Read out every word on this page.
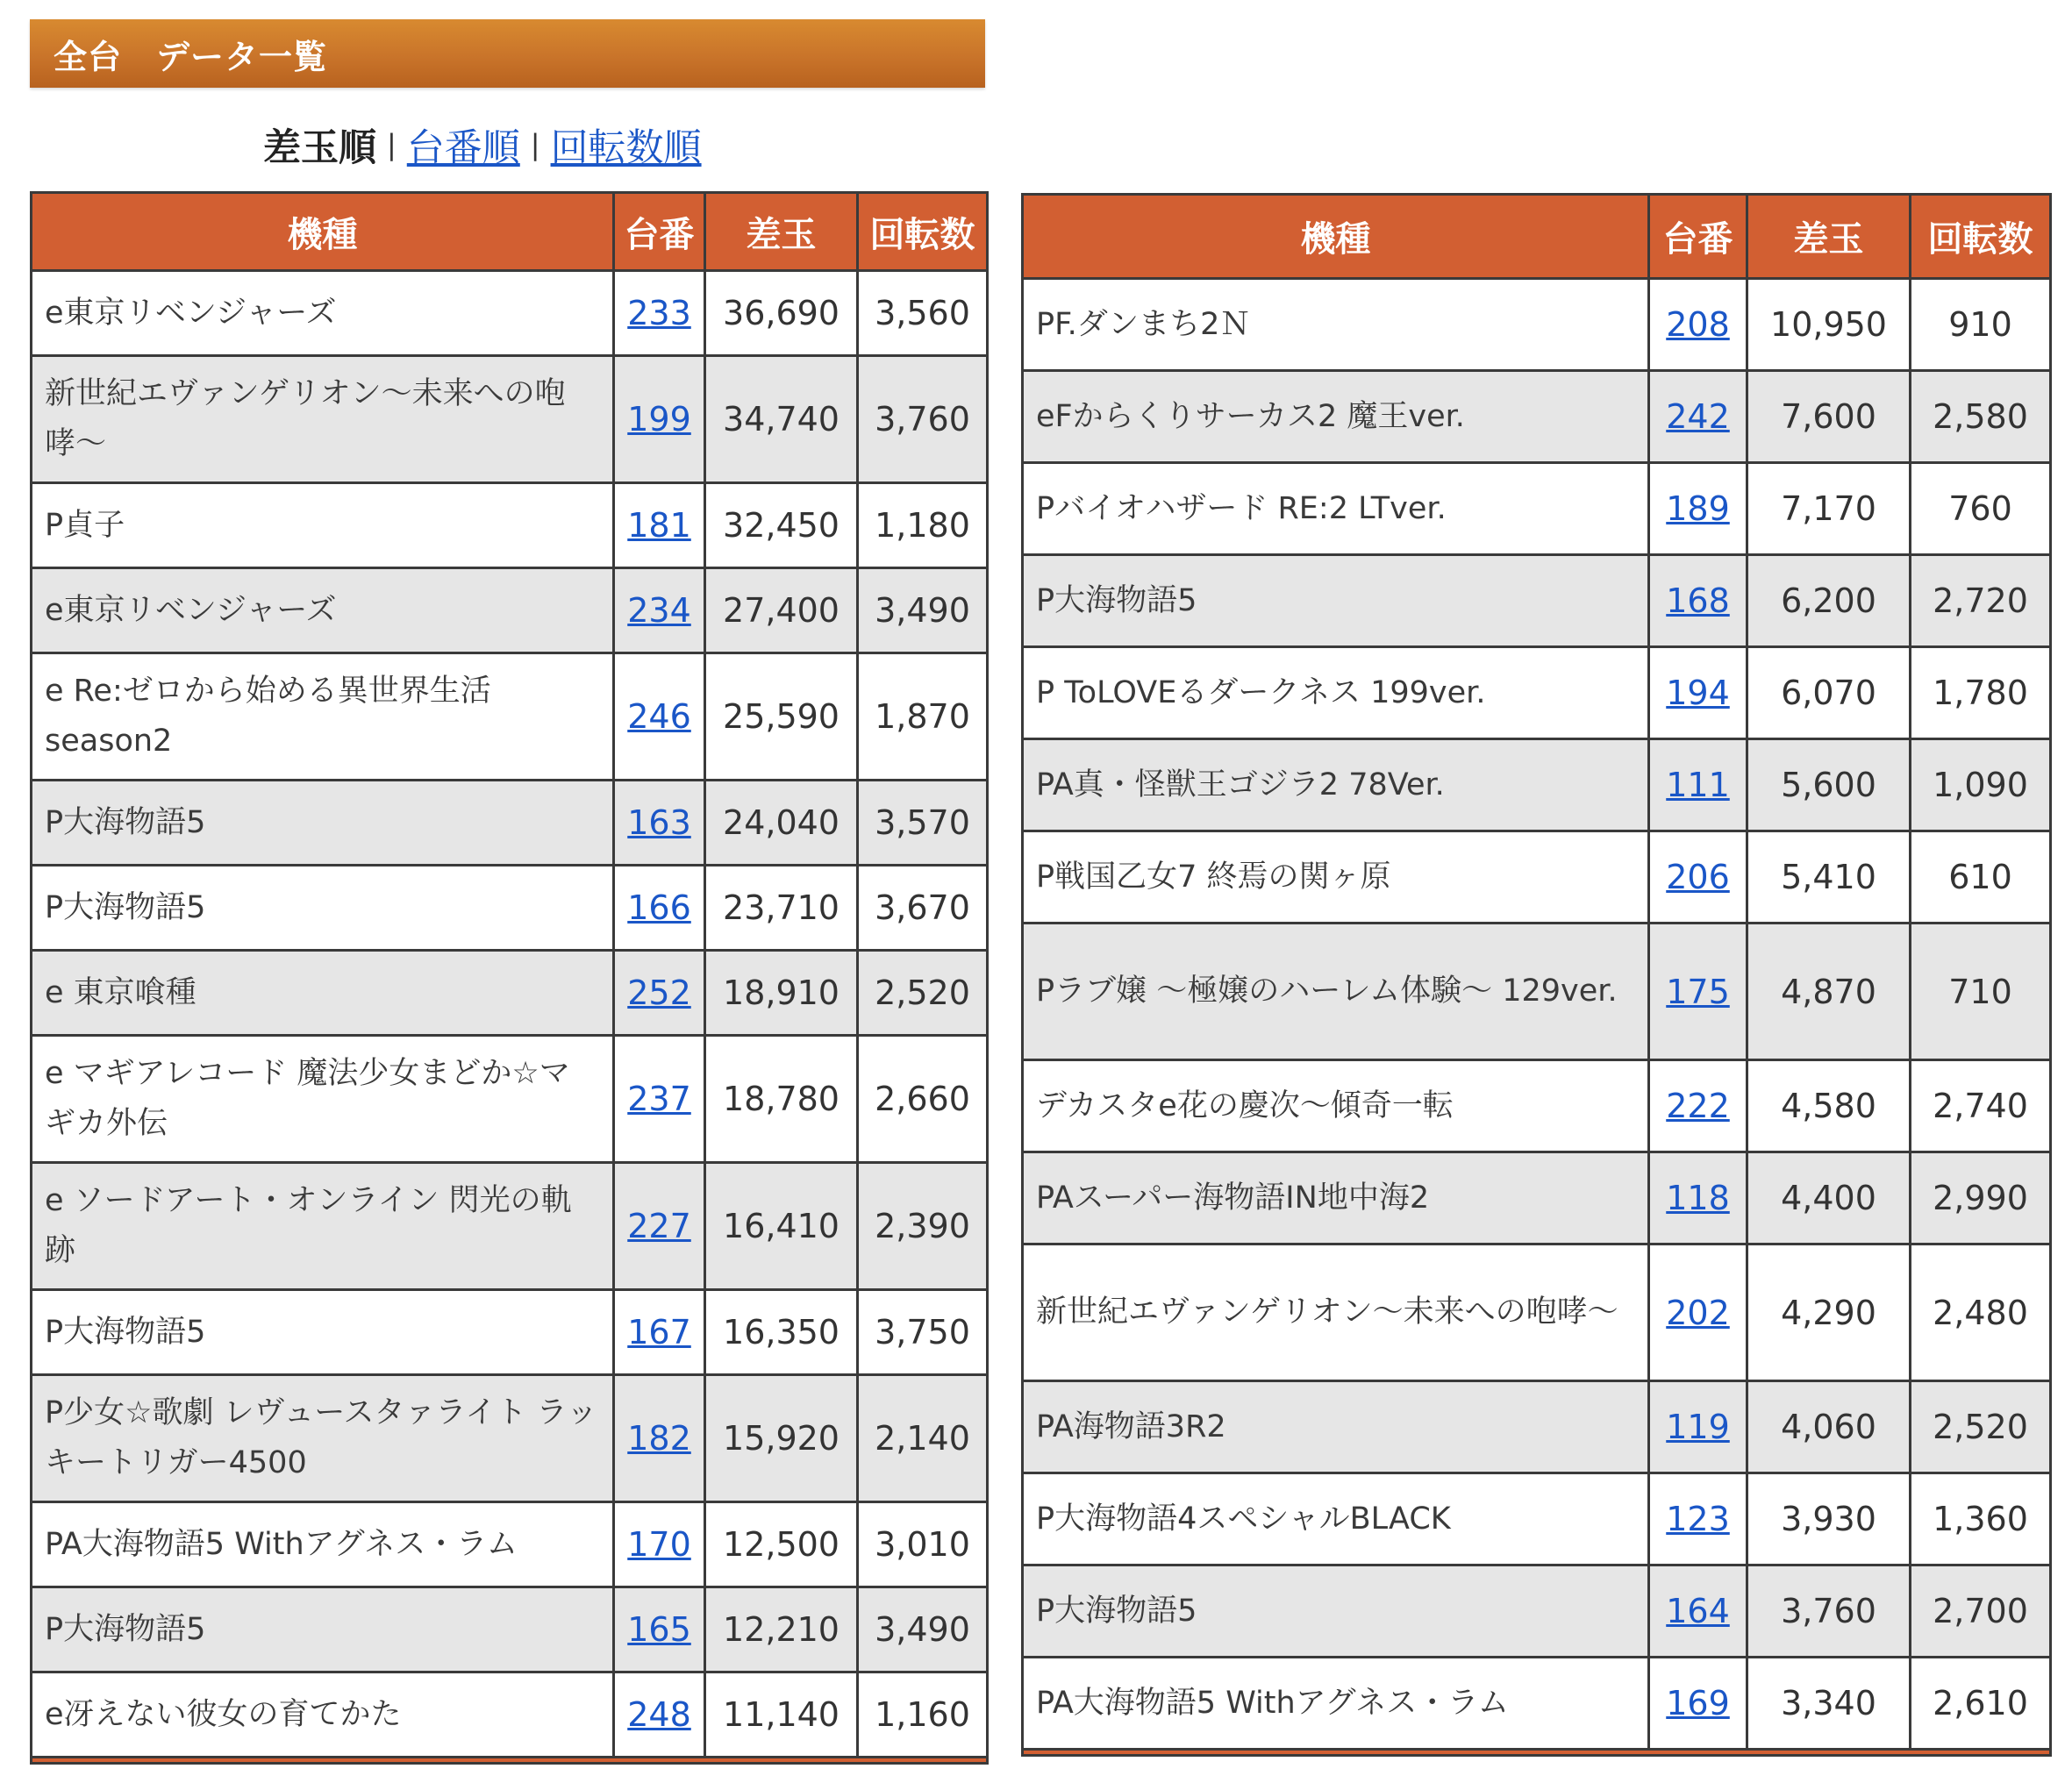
全台　データ一覧
差玉順 | 台番順 | 回転数順
機種	台番	差玉	回転数
e東京リベンジャーズ	233	36,690	3,560
新世紀エヴァンゲリオン〜未来への咆哮〜	199	34,740	3,760
P貞子	181	32,450	1,180
e東京リベンジャーズ	234	27,400	3,490
e Re:ゼロから始める異世界生活 season2	246	25,590	1,870
P大海物語5	163	24,040	3,570
P大海物語5	166	23,710	3,670
e 東京喰種	252	18,910	2,520
e マギアレコード 魔法少女まどか☆マギカ外伝	237	18,780	2,660
e ソードアート・オンライン 閃光の軌跡	227	16,410	2,390
P大海物語5	167	16,350	3,750
P少女☆歌劇 レヴュースタァライト ラッキートリガー4500	182	15,920	2,140
PA大海物語5 Withアグネス・ラム	170	12,500	3,010
P大海物語5	165	12,210	3,490
e冴えない彼女の育てかた	248	11,140	1,160

機種	台番	差玉	回転数
PF.ダンまち2Ｎ	208	10,950	910
eFからくりサーカス2 魔王ver.	242	7,600	2,580
Pバイオハザード RE:2 LTver.	189	7,170	760
P大海物語5	168	6,200	2,720
P ToLOVEるダークネス 199ver.	194	6,070	1,780
PA真・怪獣王ゴジラ2 78Ver.	111	5,600	1,090
P戦国乙女7 終焉の関ヶ原	206	5,410	610
Pラブ嬢 〜極嬢のハーレム体験〜 129ver.	175	4,870	710
デカスタe花の慶次〜傾奇一転	222	4,580	2,740
PAスーパー海物語IN地中海2	118	4,400	2,990
新世紀エヴァンゲリオン〜未来への咆哮〜	202	4,290	2,480
PA海物語3R2	119	4,060	2,520
P大海物語4スペシャルBLACK	123	3,930	1,360
P大海物語5	164	3,760	2,700
PA大海物語5 Withアグネス・ラム	169	3,340	2,610
